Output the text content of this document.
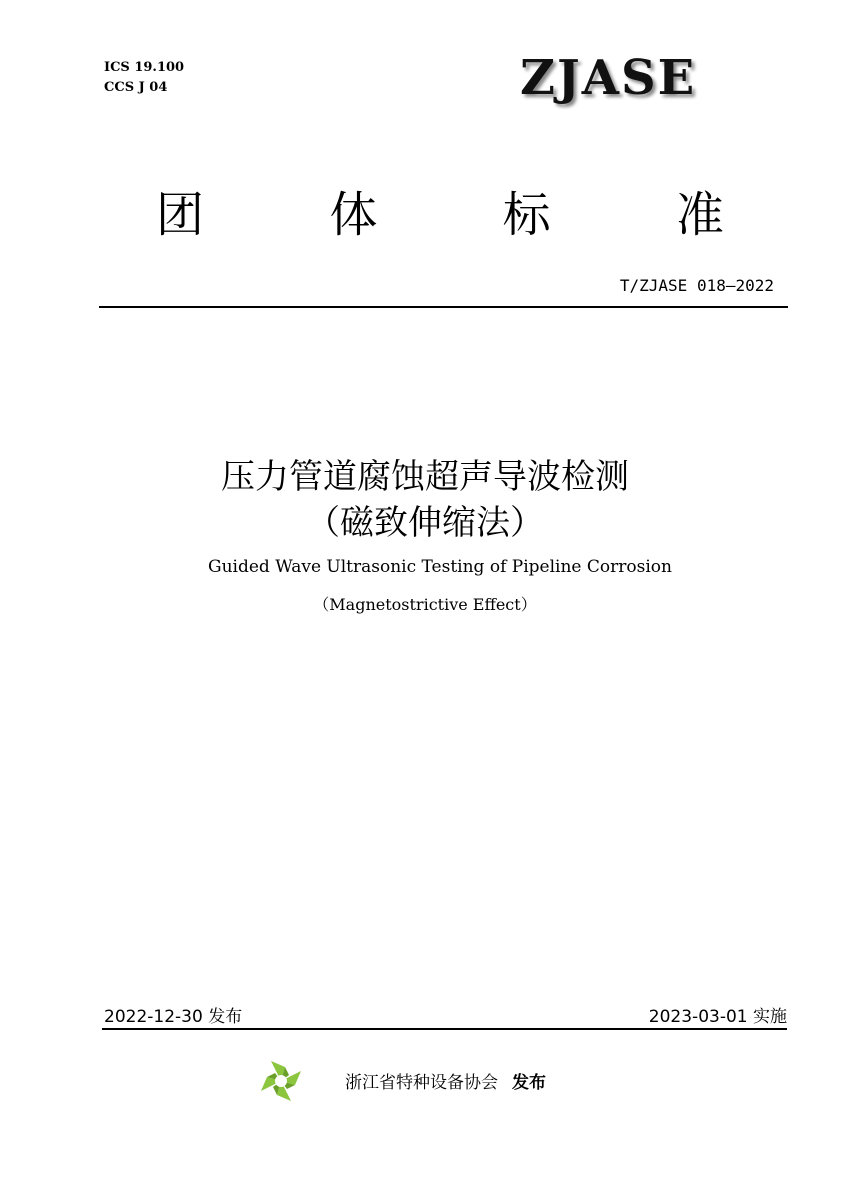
ICS 19.100
CCS J 04	ZJASE
团	体	标	准
T/ZJASE 018—2022
压力管道腐蚀超声导波检测
（磁致伸缩法）
Guided Wave Ultrasonic Testing of Pipeline Corrosion
（Magnetostrictive Effect）
2022-12-30 发布	2023-03-01 实施
浙江省特种设备协会 发布
